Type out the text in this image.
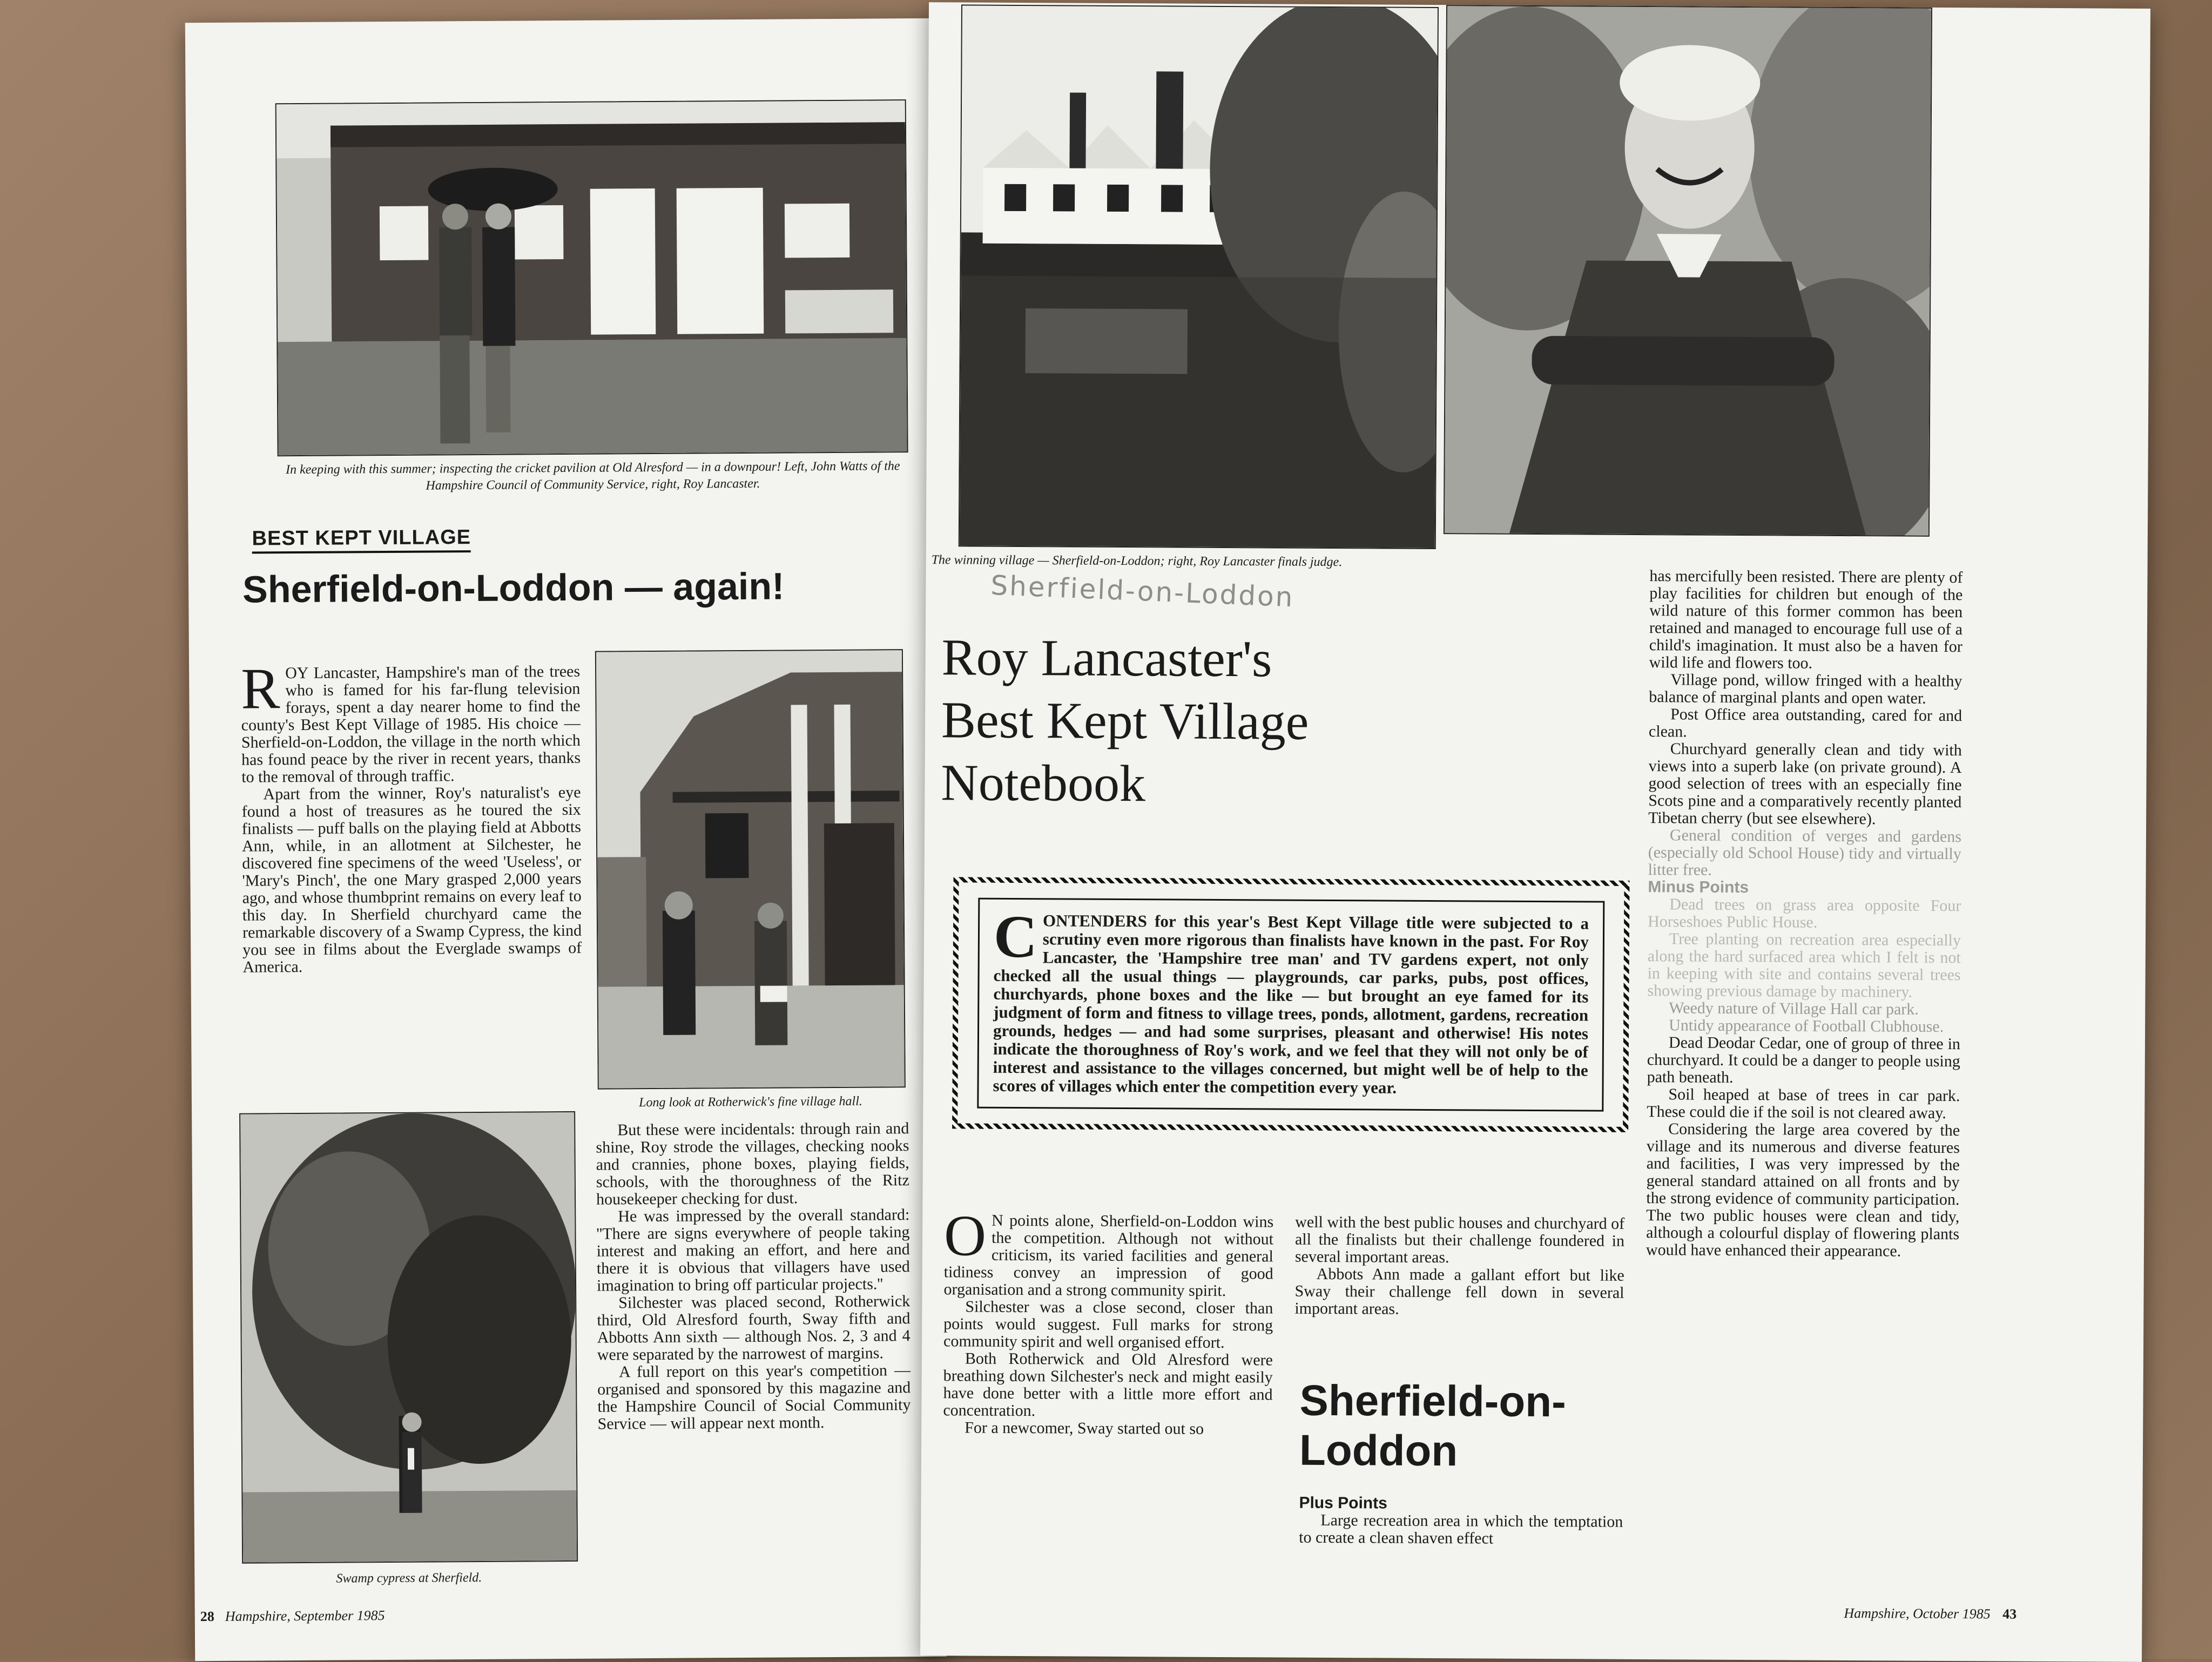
In keeping with this summer; inspecting the cricket pavilion at Old Alresford — in a downpour! Left, John Watts of the Hampshire Council of Community Service, right, Roy Lancaster.
BEST KEPT VILLAGE
Sherfield-on-Loddon — again!

ROY Lancaster, Hampshire's man of the trees who is famed for his far-flung television forays, spent a day nearer home to find the county's Best Kept Village of 1985. His choice — Sherfield-on-Loddon, the village in the north which has found peace by the river in recent years, thanks to the removal of through traffic.

Apart from the winner, Roy's naturalist's eye found a host of treasures as he toured the six finalists — puff balls on the playing field at Abbotts Ann, while, in an allotment at Silchester, he discovered fine specimens of the weed 'Useless', or 'Mary's Pinch', the one Mary grasped 2,000 years ago, and whose thumbprint remains on every leaf to this day. In Sherfield churchyard came the remarkable discovery of a Swamp Cypress, the kind you see in films about the Everglade swamps of America.

Long look at Rotherwick's fine village hall.
Swamp cypress at Sherfield.

But these were incidentals: through rain and shine, Roy strode the villages, checking nooks and crannies, phone boxes, playing fields, schools, with the thoroughness of the Ritz housekeeper checking for dust.

He was impressed by the overall standard: ''There are signs everywhere of people taking interest and making an effort, and here and there it is obvious that villagers have used imagination to bring off particular projects.''

Silchester was placed second, Rotherwick third, Old Alresford fourth, Sway fifth and Abbotts Ann sixth — although Nos. 2, 3 and 4 were separated by the narrowest of margins.

A full report on this year's competition — organised and sponsored by this magazine and the Hampshire Council of Social Community Service — will appear next month.

28 Hampshire, September 1985
The winning village — Sherfield-on-Loddon; right, Roy Lancaster finals judge.
Sherfield-on-Loddon
Roy Lancaster's
Best Kept Village
Notebook
CONTENDERS for this year's Best Kept Village title were subjected to a scrutiny even more rigorous than finalists have known in the past. For Roy Lancaster, the 'Hampshire tree man' and TV gardens expert, not only checked all the usual things — playgrounds, car parks, pubs, post offices, churchyards, phone boxes and the like — but brought an eye famed for its judgment of form and fitness to village trees, ponds, allotment, gardens, recreation grounds, hedges — and had some surprises, pleasant and otherwise! His notes indicate the thoroughness of Roy's work, and we feel that they will not only be of interest and assistance to the villages concerned, but might well be of help to the scores of villages which enter the competition every year.

O N points alone, Sherfield-on-Loddon wins the competition. Although not without criticism, its varied facilities and general tidiness convey an impression of good organisation and a strong community spirit.

Silchester was a close second, closer than points would suggest. Full marks for strong community spirit and well organised effort.

Both Rotherwick and Old Alresford were breathing down Silchester's neck and might easily have done better with a little more effort and concentration.

For a newcomer, Sway started out so

well with the best public houses and churchyard of all the finalists but their challenge foundered in several important areas.

Abbots Ann made a gallant effort but like Sway their challenge fell down in several important areas.

Sherfield-on-Loddon
Plus Points

Large recreation area in which the temptation to create a clean shaven effect

has mercifully been resisted. There are plenty of play facilities for children but enough of the wild nature of this former common has been retained and managed to encourage full use of a child's imagination. It must also be a haven for wild life and flowers too.

Village pond, willow fringed with a healthy balance of marginal plants and open water.

Post Office area outstanding, cared for and clean.

Churchyard generally clean and tidy with views into a superb lake (on private ground). A good selection of trees with an especially fine Scots pine and a comparatively recently planted Tibetan cherry (but see elsewhere).

General condition of verges and gardens (especially old School House) tidy and virtually litter free.

Minus Points

Dead trees on grass area opposite Four Horseshoes Public House.

Tree planting on recreation area especially along the hard surfaced area which I felt is not in keeping with site and contains several trees showing previous damage by machinery.

Weedy nature of Village Hall car park.

Untidy appearance of Football Clubhouse.

Dead Deodar Cedar, one of group of three in churchyard. It could be a danger to people using path beneath.

Soil heaped at base of trees in car park. These could die if the soil is not cleared away.

Considering the large area covered by the village and its numerous and diverse features and facilities, I was very impressed by the general standard attained on all fronts and by the strong evidence of community participation. The two public houses were clean and tidy, although a colourful display of flowering plants would have enhanced their appearance.

Hampshire, October 1985 43
